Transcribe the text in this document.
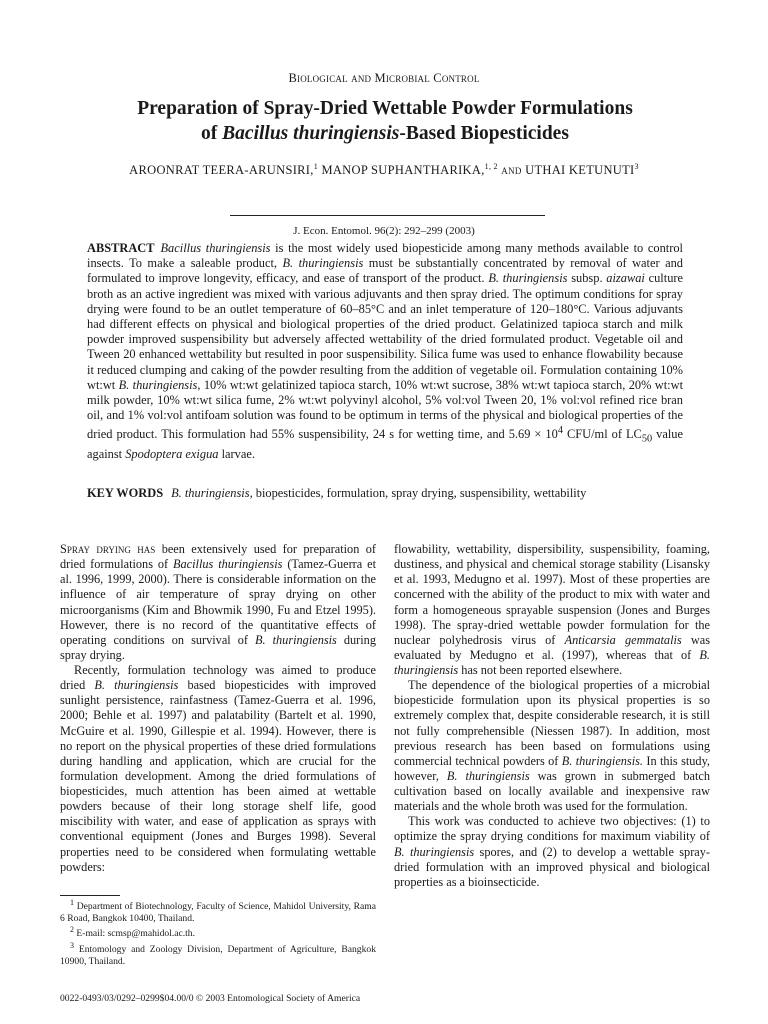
Biological and Microbial Control
Preparation of Spray-Dried Wettable Powder Formulations
of Bacillus thuringiensis-Based Biopesticides
AROONRAT TEERA-ARUNSIRI,$^1$ MANOP SUPHANTHARIKA,$^{1, 2}$ and UTHAI KETUNUTI$^3$
J. Econ. Entomol. 96(2): 292–299 (2003)
ABSTRACT Bacillus thuringiensis is the most widely used biopesticide among many methods available to control insects. To make a saleable product, B. thuringiensis must be substantially concentrated by removal of water and formulated to improve longevity, efficacy, and ease of transport of the product. B. thuringiensis subsp. aizawai culture broth as an active ingredient was mixed with various adjuvants and then spray dried. The optimum conditions for spray drying were found to be an outlet temperature of 60–85°C and an inlet temperature of 120–180°C. Various adjuvants had different effects on physical and biological properties of the dried product. Gelatinized tapioca starch and milk powder improved suspensibility but adversely affected wettability of the dried formulated product. Vegetable oil and Tween 20 enhanced wettability but resulted in poor suspensibility. Silica fume was used to enhance flowability because it reduced clumping and caking of the powder resulting from the addition of vegetable oil. Formulation containing 10% wt:wt B. thuringiensis, 10% wt:wt gelatinized tapioca starch, 10% wt:wt sucrose, 38% wt:wt tapioca starch, 20% wt:wt milk powder, 10% wt:wt silica fume, 2% wt:wt polyvinyl alcohol, 5% vol:vol Tween 20, 1% vol:vol refined rice bran oil, and 1% vol:vol antifoam solution was found to be optimum in terms of the physical and biological properties of the dried product. This formulation had 55% suspensibility, 24 s for wetting time, and $5.69 \times 10^4$ CFU/ml of $LC_{50}$ value against Spodoptera exigua larvae.
KEY WORDS B. thuringiensis, biopesticides, formulation, spray drying, suspensibility, wettability

Spray drying has been extensively used for preparation of dried formulations of Bacillus thuringiensis (Tamez-Guerra et al. 1996, 1999, 2000). There is considerable information on the influence of air temperature of spray drying on other microorganisms (Kim and Bhowmik 1990, Fu and Etzel 1995). However, there is no record of the quantitative effects of operating conditions on survival of B. thuringiensis during spray drying.

Recently, formulation technology was aimed to produce dried B. thuringiensis based biopesticides with improved sunlight persistence, rainfastness (Tamez-Guerra et al. 1996, 2000; Behle et al. 1997) and palatability (Bartelt et al. 1990, McGuire et al. 1990, Gillespie et al. 1994). However, there is no report on the physical properties of these dried formulations during handling and application, which are crucial for the formulation development. Among the dried formulations of biopesticides, much attention has been aimed at wettable powders because of their long storage shelf life, good miscibility with water, and ease of application as sprays with conventional equipment (Jones and Burges 1998). Several properties need to be considered when formulating wettable powders:

flowability, wettability, dispersibility, suspensibility, foaming, dustiness, and physical and chemical storage stability (Lisansky et al. 1993, Medugno et al. 1997). Most of these properties are concerned with the ability of the product to mix with water and form a homogeneous sprayable suspension (Jones and Burges 1998). The spray-dried wettable powder formulation for the nuclear polyhedrosis virus of Anticarsia gemmatalis was evaluated by Medugno et al. (1997), whereas that of B. thuringiensis has not been reported elsewhere.

The dependence of the biological properties of a microbial biopesticide formulation upon its physical properties is so extremely complex that, despite considerable research, it is still not fully comprehensible (Niessen 1987). In addition, most previous research has been based on formulations using commercial technical powders of B. thuringiensis. In this study, however, B. thuringiensis was grown in submerged batch cultivation based on locally available and inexpensive raw materials and the whole broth was used for the formulation.

This work was conducted to achieve two objectives: (1) to optimize the spray drying conditions for maximum viability of B. thuringiensis spores, and (2) to develop a wettable spray-dried formulation with an improved physical and biological properties as a bioinsecticide.

$^1$ Department of Biotechnology, Faculty of Science, Mahidol University, Rama 6 Road, Bangkok 10400, Thailand.

$^2$ E-mail: scmsp@mahidol.ac.th.

$^3$ Entomology and Zoology Division, Department of Agriculture, Bangkok 10900, Thailand.

0022-0493/03/0292–0299$04.00/0 © 2003 Entomological Society of America
